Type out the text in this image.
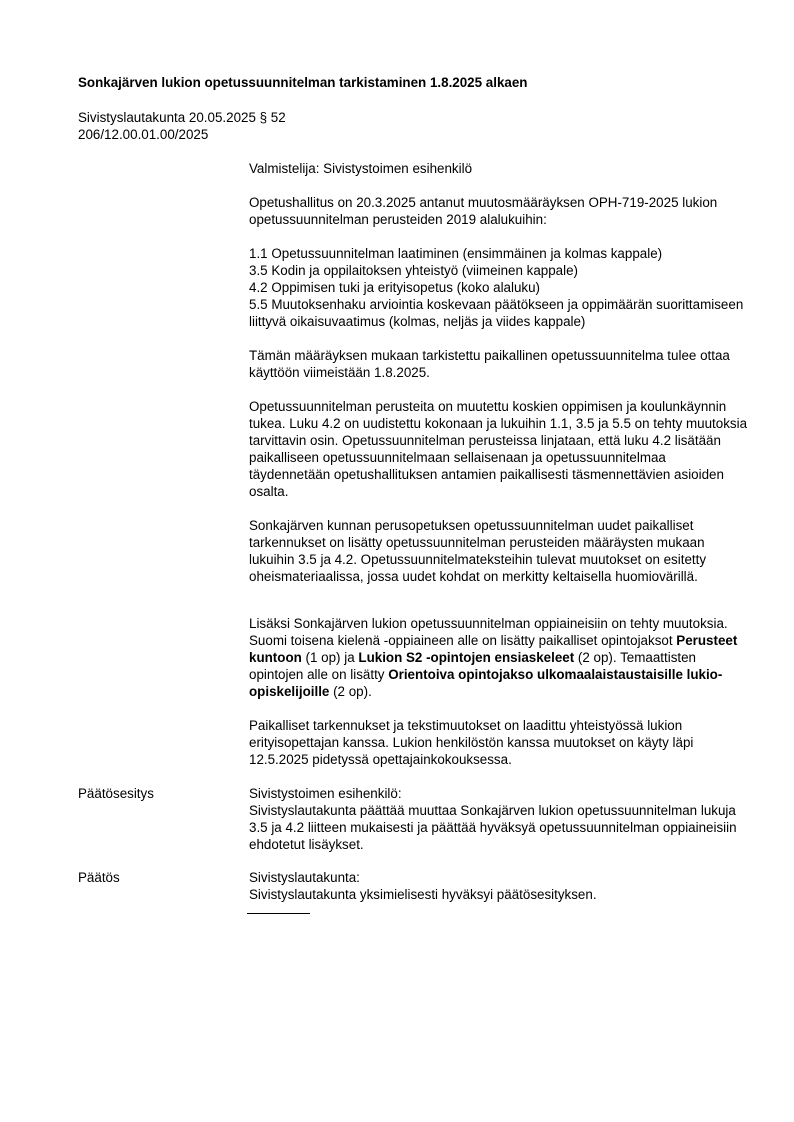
Sonkajärven lukion opetussuunnitelman tarkistaminen 1.8.2025 alkaen

Sivistyslautakunta 20.05.2025 § 52

206/12.00.01.00/2025

Valmistelija: Sivistystoimen esihenkilö

Opetushallitus on 20.3.2025 antanut muutosmääräyksen OPH-719-2025 lukion opetussuunnitelman perusteiden 2019 alalukuihin:

1.1 Opetussuunnitelman laatiminen (ensimmäinen ja kolmas kappale)

3.5 Kodin ja oppilaitoksen yhteistyö (viimeinen kappale)

4.2 Oppimisen tuki ja erityisopetus (koko alaluku)

5.5 Muutoksenhaku arviointia koskevaan päätökseen ja oppimäärän suorittamiseen liittyvä oikaisuvaatimus (kolmas, neljäs ja viides kappale)

Tämän määräyksen mukaan tarkistettu paikallinen opetussuunnitelma tulee ottaa käyttöön viimeistään 1.8.2025.

Opetussuunnitelman perusteita on muutettu koskien oppimisen ja koulunkäynnin tukea. Luku 4.2 on uudistettu kokonaan ja lukuihin 1.1, 3.5 ja 5.5 on tehty muutoksia tarvittavin osin. Opetussuunnitelman perusteissa linjataan, että luku 4.2 lisätään paikalliseen opetussuunnitelmaan sellaisenaan ja opetussuunnitelmaa täydennetään opetushallituksen antamien paikallisesti täsmennettävien asioiden osalta.

Sonkajärven kunnan perusopetuksen opetussuunnitelman uudet paikalliset tarkennukset on lisätty opetussuunnitelman perusteiden määräysten mukaan lukuihin 3.5 ja 4.2. Opetussuunnitelmateksteihin tulevat muutokset on esitetty oheismateriaalissa, jossa uudet kohdat on merkitty keltaisella huomiovärillä.

Lisäksi Sonkajärven lukion opetussuunnitelman oppiaineisiin on tehty muutoksia. Suomi toisena kielenä -oppiaineen alle on lisätty paikalliset opintojaksot Perusteet kuntoon (1 op) ja Lukion S2 -opintojen ensiaskeleet (2 op). Temaattisten opintojen alle on lisätty Orientoiva opintojakso ulkomaalaistaustaisille lukio-opiskelijoille (2 op).

Paikalliset tarkennukset ja tekstimuutokset on laadittu yhteistyössä lukion erityisopettajan kanssa. Lukion henkilöstön kanssa muutokset on käyty läpi 12.5.2025 pidetyssä opettajainkokouksessa.

Päätösesitys	Sivistystoimen esihenkilö:

Sivistyslautakunta päättää muuttaa Sonkajärven lukion opetussuunnitelman lukuja 3.5 ja 4.2 liitteen mukaisesti ja päättää hyväksyä opetussuunnitelman oppiaineisiin ehdotetut lisäykset.

Päätös	Sivistyslautakunta:

Sivistyslautakunta yksimielisesti hyväksyi päätösesityksen.
